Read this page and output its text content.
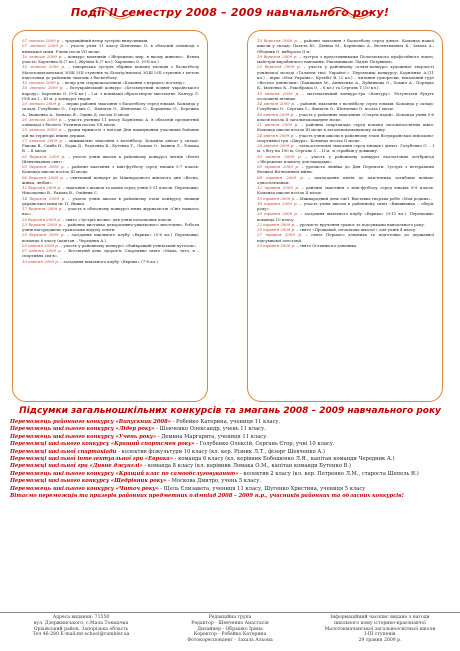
Події ІІ семестру 2008 – 2009 навчального року!

07 лютого 2009 р. – традиційний вечір зустрічі випускників.

07 лютого 2009 р. – участь учня 11 класу Шевченко О. в обласній олімпіаді з німецької мови. Учень посів VII місце.

10 лютого 2009 р. – конкурс малюнків «Збережемо мир, в якому живемо». Взяли участь: Харченко К.(7 кл.), Жуліна К.(7 кл.), Харченко О. (9-Б кл.)

13 лютого 2009 р. – товариська зустріч збірних команд хлопців з баскетболу Малотокмачанської ЗОШ І-ІІІ ступенів та Білогір'янської ЗОШ І-ІІІ ступенів з метою підготовки до районних змагань з баскетболу.

13 лютого 2009 р. – вечір для старшокласників «Кохання з першого погляду».

16 лютого 2009 р. – Всеукраїнський конкурс «Безсмертний подвиг українського народу». Харченко О. (9-Б кл.) – І м. з номінації образотворче мистецтво. Кантур Л. (9-Б кл.) – ІІІ м. у конкурсі творів.

20 лютого 2009 р. – перші районні змагання з баскетболу серед юнаків. Команда у складі: Голубенко О., Сергань С., Фанагєв О., Шевченко О., Борщенко О., Бережна А., Івашенко А., Івонько Я., Одинь Д. посіла ІІ місце.

20 лютого 2009 р. – участь учениці 11 класу Корнієнко А. в обласній предметній олімпіаді з біології. Учениця посіла VII місце.

25 лютого 2009 р. – уроки мужності з нагоди Дня вшанування учасників бойових дій на території інших держав.

27 лютого 2009 р. – міжшкільні змагання з волейболу. Команда дівчат у складі: Ракова В., Скиба Н., Борщ Д., Радченко К., Бутенко Т., Ломака О., Іванюк Л., Ломака В. – ІІ місце.

02 березня 2009 р. – участь учнів школи в районному конкурсі читців «Вогні Шевченкових свят».

05 березня 2009 р. – районні змагання з міні-футболу серед юнаків 5-7 класів. Команда школи посіла ІІІ місце.

06 березня 2009 р. – святковий концерт до Міжнародного жіночого дня «Весна, жінка, любов».

12 березня 2009 р. – змагання з шашок та шахів серед учнів 5-11 класів. Переможці: Ніколаєнко В., Ракова В., Олійник С.

14 березня 2009 р. – участь учнів школи в районному етапі конкурсу знавців української мови ім. П. Яцика.

17 березня 2009 р. – участь в обласному конкурсі юних журналістів «Світ навколо нас».

20 березня 2009 р. – свято «Зустріч весни» для учнів початкових класів.

23 березня 2009 р. – районна виставка декоративно-ужиткового мистецтва. Роботи учнів нагороджено грамотами відділу освіти.

25 березня 2009 р. – засідання шкільного клубу «Еврика» (5-6 кл.) Переможці: команда 6 класу (капітан – Чередник А.).

03 квітня 2009 р. – участь у районному конкурсі «Найкращий учнівський куточок».

07 квітня 2009 р. – Всесвітній день здоров'я. Спортивне свято «Мама, тато, я – спортивна сім'я».

10 квітня 2009 р. – засідання шкільного клубу «Еврика» (7-8 кл.)

13 березня 2009 р. – районні змагання з баскетболу серед дівчат. Команда нашої школи у складі: Пахета Ю., Деміна М., Корнієнко А., Велентикевич К., Захаль А., Ободник О. виборола ІІ м.

19 березня 2009 р. – зустріч з представниками Пологівського професійного ліцею, майстрів виробничого навчання, Ракомишкою Лідією Петрівною.

25 березня 2009 р. – участь у районному огляді-конкурсі художньої творчості учнівської молоді «Таланти твої, Україно!». Переможці конкурсу: Корнієнко А.(11 кл.) – вірш «Моя Україна», Кульбіт В. (2 кл.) – читання гуморески, вокальний гурт «Весела дзвіночки» (Бакишкін М., Анівченко А., Буйникова О., Хомич А., Порядко К., Іваченко К., Ракобраціа О. – 6 кл.) та Сергань Т.(10 кл.).

10 квітня 2009 р. – математичний конкурс-гра «Кенгуру». Результати будуть оголошені пізніше.

14 квітня 2009 р. – районні змагання з волейболу серед юнаків. Команда у складі: Голубенко О., Сергань С., Фанагєв О., Шевченко О. посіла І місце.

16 квітня 2009 р. – участь у районних змаганнях «Старти надій». Команда учнів 5-6 класів посіла ІІ загальнокомандне місце.

21 квітня 2009 р. – районна спартакіада серед команд загальноосвітніх шкіл. Команда школи посіла ІІІ місце в загальнокомандному заліку.

24 квітня 2009 р. – участь учнів школи в районному етапі Всеукраїнської військово-спортивної гри «Джура». Команда посіла ІІ місце.

28 квітня 2009 р. – легкоатлетичні змагання серед юнаків і дівчат. Голубенко О. – І м. з бігу на 100 м, Сергань С. – ІІ м. зі стрибків у довжину.

30 квітня 2009 р. – участь у районному конкурсі екологічних агітбригад «Збережемо планету для нащадків».

05 травня 2009 р. – урочиста лінійка до Дня Перемоги. Зустріч з ветеранами Великої Вітчизняної війни.

08 травня 2009 р. – покладання квітів до пам'ятника загиблим воїнам-односельчанам.

12 травня 2009 р. – районні змагання з міні-футболу серед юнаків 8-9 класів. Команда школи посіла ІІ місце.

15 травня 2009 р. – Міжнародний день сім'ї. Виставка творчих робіт «Моя родина».

18 травня 2009 р. – участь учнів школи в районному святі «Вишиванка – оберіг роду».

20 травня 2009 р. – засідання шкільного клубу «Еврика» (9-11 кл.). Переможці: команда 10 класу.

22 травня 2009 р. – урочисте вручення грамот за підсумками навчального року.

25 травня 2009 р. – свято «Прощавай, початкова школо!» для учнів 4 класу.

27 травня 2009 р. – свято Першого дзвоника та підготовка до державної підсумкової атестації.

29 травня 2009 р. – свято Останнього дзвоника.

Підсумки загальношкільних конкурсів та змагань 2008 – 2009 навчального року

Переможець районного конкурсу «Випускник 2008» - Робейко Катерина, учениця 11 класу.

Переможець шкільного конкурсу «Лідер року» - Шевченко Олександр, учень 11 класу.

Переможець шкільного конкурсу «Учень року» - Демина Маргарита, учениця 11 класу.

Переможці шкільного конкурсу «Кращий спортсмен року» - Голубенко Олексій, Сергань Єгор, учні 10 класу.

Переможці шкільної спартакіади - колектив фізкультури 10 класу (кл. кер. Різник Л.Т., фізорг Шевченко А.)

Переможці шкільної інтелектуальної гри «Еврика» - команда 6 класу (кл. керівник Бобошенко Л.Я., капітан команди Чередник А.)

Переможці шкільної гри «Дивне джунглі» - команда 8 класу (кл. керівник Ломака О.М., капітан команди Бутенко В.)

Переможець шкільного конкурсу «Кращий клас по самообслуговуванню» - колектив 2 класу (кл. кер. Петренко Л.М., староста Шепель Я.)

Переможці шкільного конкурсу «Щедрівник року» - Москова Дмитро, учень 5 класу.

Переможець шкільного конкурсу «Читач року» - Щель Єлизавета, учениця 11 класу, Шугенко Христина, учениця 5 класу

Вітаємо переможців та призерів районних предметних олімпіад 2008 – 2009 н.р., учасників районних та обласних конкурсів!

Адреса видання: 71550
вул. Дзержинського, с.Мала Токмачка
Оріхівський район, Запорізька область
Тел 46-280 E-mail:mt-school@rambler.ua
Редакційна група
Редактор - Шевченко Анастасія
Дизайнер - Обрашко Ірина
Коректор - Робейко Катерина
Фотокореспондент - Захаль Альона
Інформаційний часопис видано з нагоди
шкільного кому історико-краєзнавчої
Малотокмачанської загальноосвітньої школи
І-ІІІ ступенів
29 травня 2009 р.
